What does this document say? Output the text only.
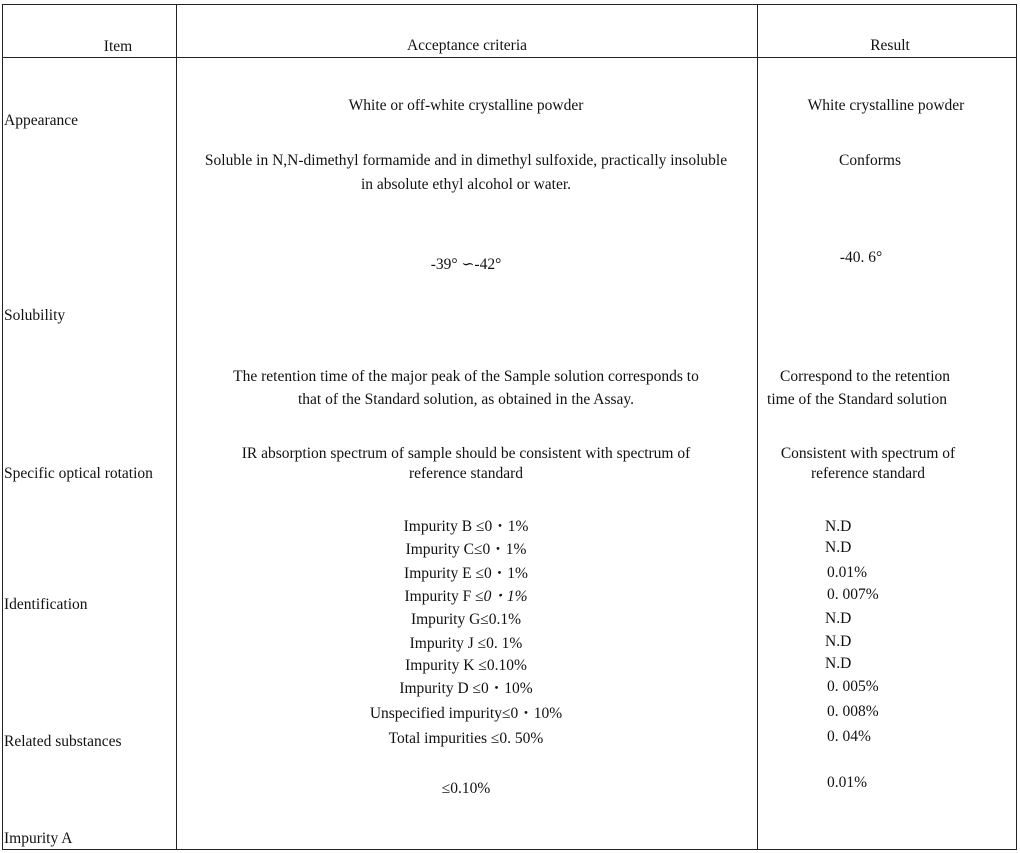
Item	Acceptance criteria	Result
Appearance
Solubility
Specific optical rotation
Identification
Related substances
Impurity A
White or off-white crystalline powder
Soluble in N,N-dimethyl formamide and in dimethyl sulfoxide, practically insoluble
in absolute ethyl alcohol or water.
-39° ∽-42°
The retention time of the major peak of the Sample solution corresponds to
that of the Standard solution, as obtained in the Assay.
IR absorption spectrum of sample should be consistent with spectrum of
reference standard
Impurity B ≤0・1%
Impurity C≤0・1%
Impurity E ≤0・1%
Impurity F ≤0・1%
Impurity G≤0.1%
Impurity J ≤0. 1%
Impurity K ≤0.10%
Impurity D ≤0・10%
Unspecified impurity≤0・10%
Total impurities ≤0. 50%
≤0.10%
White crystalline powder
Conforms
-40. 6°
Correspond to the retention
time of the Standard solution
Consistent with spectrum of
reference standard
N.D
N.D
0.01%
0. 007%
N.D
N.D
N.D
0. 005%
0. 008%
0. 04%
0.01%
